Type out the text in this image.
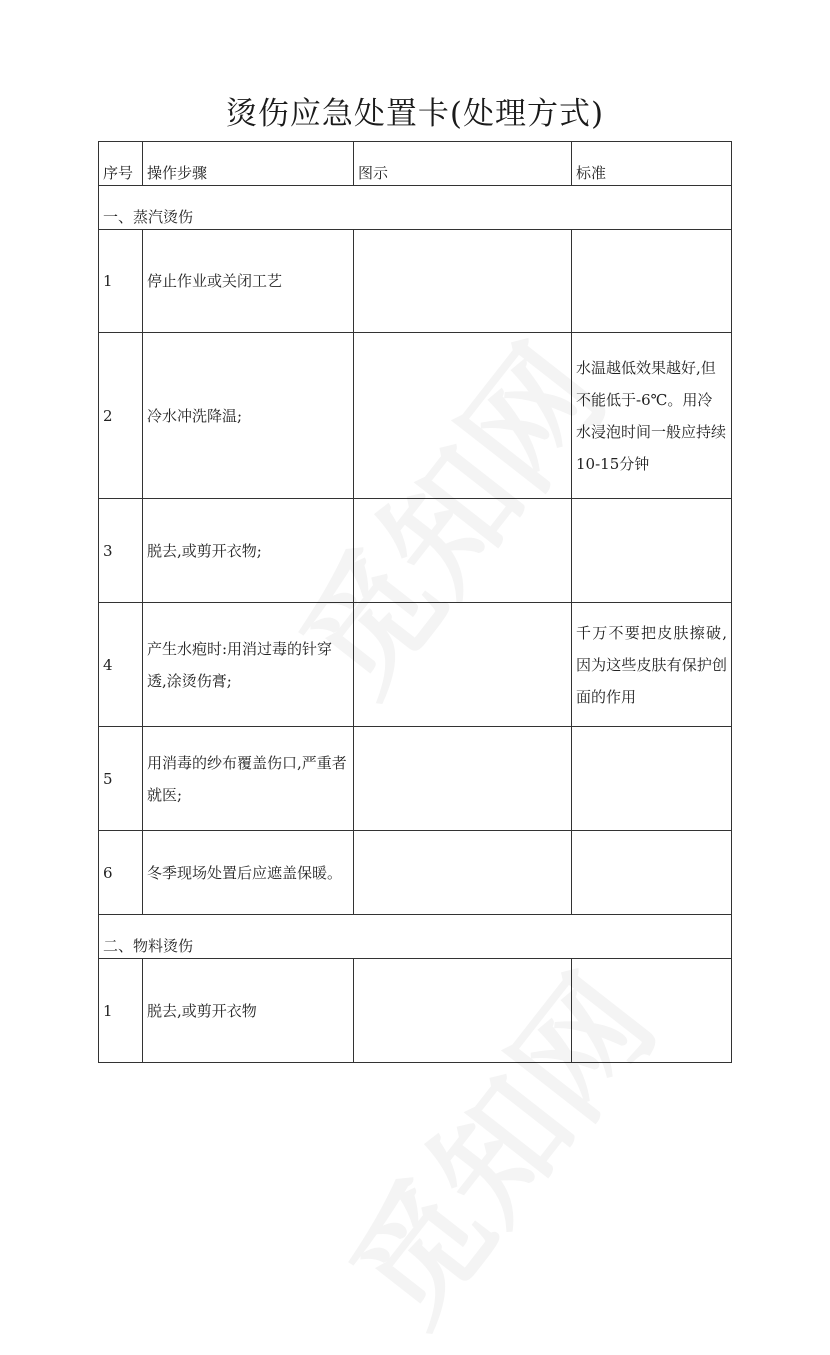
烫伤应急处置卡(处理方式)
序号	操作步骤	图示	标准
一、蒸汽烫伤			
1	停止作业或关闭工艺		
2	冷水冲洗降温;		水温越低效果越好,但不能低于-6℃。用冷水浸泡时间一般应持续10-15分钟
3	脱去,或剪开衣物;		
4	产生水疱时:用消过毒的针穿透,涂烫伤膏;		千万不要把皮肤擦破,因为这些皮肤有保护创面的作用
5	用消毒的纱布覆盖伤口,严重者就医;		
6	冬季现场处置后应遮盖保暖。		
二、物料烫伤			
1	脱去,或剪开衣物		
